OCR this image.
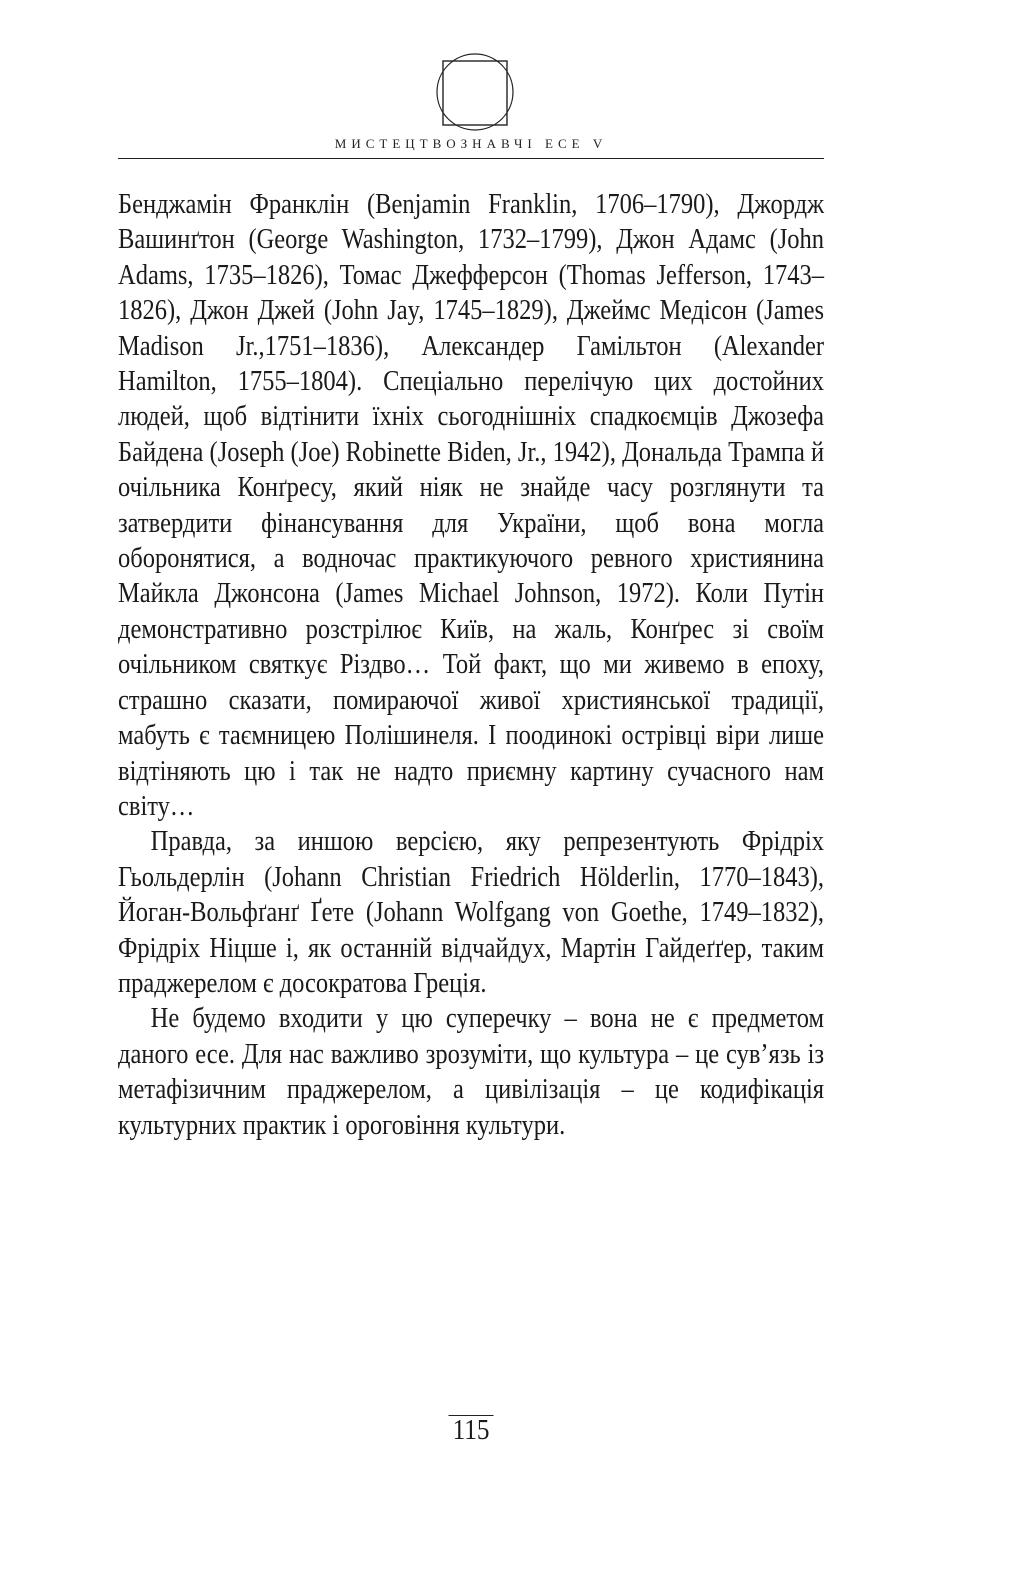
МИСТЕЦТВОЗНАВЧІ ЕСЕ V

Бенджамін Франклін (Benjamin Franklin, 1706–1790), Джордж Вашинґтон (George Washington, 1732–1799), Джон Адамс (John Adams, 1735–1826), Томас Джефферсон (Thomas Jefferson, 1743–1826), Джон Джей (John Jay, 1745–1829), Джеймс Медісон (James Madison Jr.,1751–1836), Александер Гамільтон (Alexander Hamilton, 1755–1804). Спеціально перелічую цих достойних людей, щоб відтінити їхніх сьогоднішніх спадкоємців Джозефа Байдена (Joseph (Joe) Robinette Biden, Jr., 1942), Дональда Трампа й очільника Конґресу, який ніяк не знайде часу розглянути та затвердити фінансування для України, щоб вона могла оборонятися, а водночас практикуючого ревного християнина Майкла Джонсона (James Michael Johnson, 1972). Коли Путін демонстративно розстрілює Київ, на жаль, Конґрес зі своїм очільником святкує Різдво… Той факт, що ми живемо в епоху, страшно сказати, помираючої живої християнської традиції, мабуть є таємницею Полішинеля. І поодинокі острівці віри лише відтіняють цю і так не надто приємну картину сучасного нам світу…

Правда, за иншою версією, яку репрезентують Фрідріх Гьольдерлін (Johann Christian Friedrich Hölderlin, 1770–1843), Йоган-Вольфґанґ Ґете (Johann Wolfgang von Goethe, 1749–1832), Фрідріх Ніцше і, як останній відчайдух, Мартін Гайдеґґер, таким праджерелом є досократова Греція.

Не будемо входити у цю суперечку – вона не є предметом даного есе. Для нас важливо зрозуміти, що культура – це сув’язь із метафізичним праджерелом, а цивілізація – це кодифікація культурних практик і ороговіння культури.

115
